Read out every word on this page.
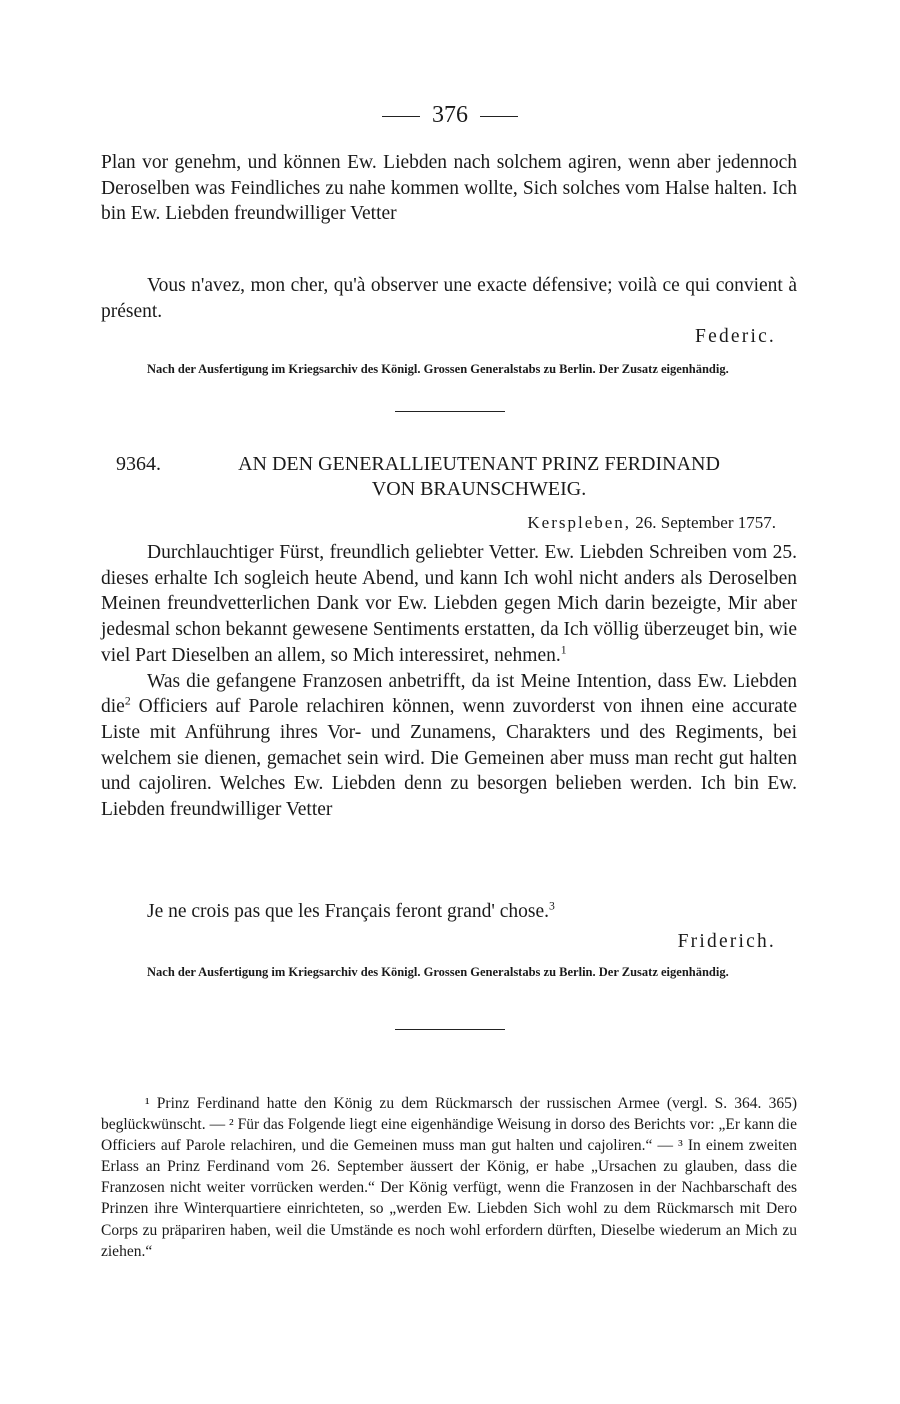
376

Plan vor genehm, und können Ew. Liebden nach solchem agiren, wenn aber jedennoch Deroselben was Feindliches zu nahe kommen wollte, Sich solches vom Halse halten. Ich bin Ew. Liebden freundwilliger Vetter

Vous n'avez, mon cher, qu'à observer une exacte défensive; voilà ce qui convient à présent.

Federic.

Nach der Ausfertigung im Kriegsarchiv des Königl. Grossen Generalstabs zu Berlin. Der Zusatz eigenhändig.

9364.	AN DEN GENERALLIEUTENANT PRINZ FERDINAND
VON BRAUNSCHWEIG.
Kerspleben, 26. September 1757.

Durchlauchtiger Fürst, freundlich geliebter Vetter. Ew. Liebden Schreiben vom 25. dieses erhalte Ich sogleich heute Abend, und kann Ich wohl nicht anders als Deroselben Meinen freundvetterlichen Dank vor Ew. Liebden gegen Mich darin bezeigte, Mir aber jedesmal schon bekannt gewesene Sentiments erstatten, da Ich völlig überzeuget bin, wie viel Part Dieselben an allem, so Mich interessiret, nehmen.$^1$

Was die gefangene Franzosen anbetrifft, da ist Meine Intention, dass Ew. Liebden die$^2$ Officiers auf Parole relachiren können, wenn zuvorderst von ihnen eine accurate Liste mit Anführung ihres Vor- und Zunamens, Charakters und des Regiments, bei welchem sie dienen, gemachet sein wird. Die Gemeinen aber muss man recht gut halten und cajoliren. Welches Ew. Liebden denn zu besorgen belieben werden. Ich bin Ew. Liebden freundwilliger Vetter

Je ne crois pas que les Français feront grand' chose.$^3$
Friderich.

Nach der Ausfertigung im Kriegsarchiv des Königl. Grossen Generalstabs zu Berlin. Der Zusatz eigenhändig.

¹ Prinz Ferdinand hatte den König zu dem Rückmarsch der russischen Armee (vergl. S. 364. 365) beglückwünscht. — ² Für das Folgende liegt eine eigenhändige Weisung in dorso des Berichts vor: „Er kann die Officiers auf Parole relachiren, und die Gemeinen muss man gut halten und cajoliren.“ — ³ In einem zweiten Erlass an Prinz Ferdinand vom 26. September äussert der König, er habe „Ursachen zu glauben, dass die Franzosen nicht weiter vorrücken werden.“ Der König verfügt, wenn die Franzosen in der Nachbarschaft des Prinzen ihre Winterquartiere einrichteten, so „werden Ew. Liebden Sich wohl zu dem Rückmarsch mit Dero Corps zu präpariren haben, weil die Umstände es noch wohl erfordern dürften, Dieselbe wiederum an Mich zu ziehen.“
